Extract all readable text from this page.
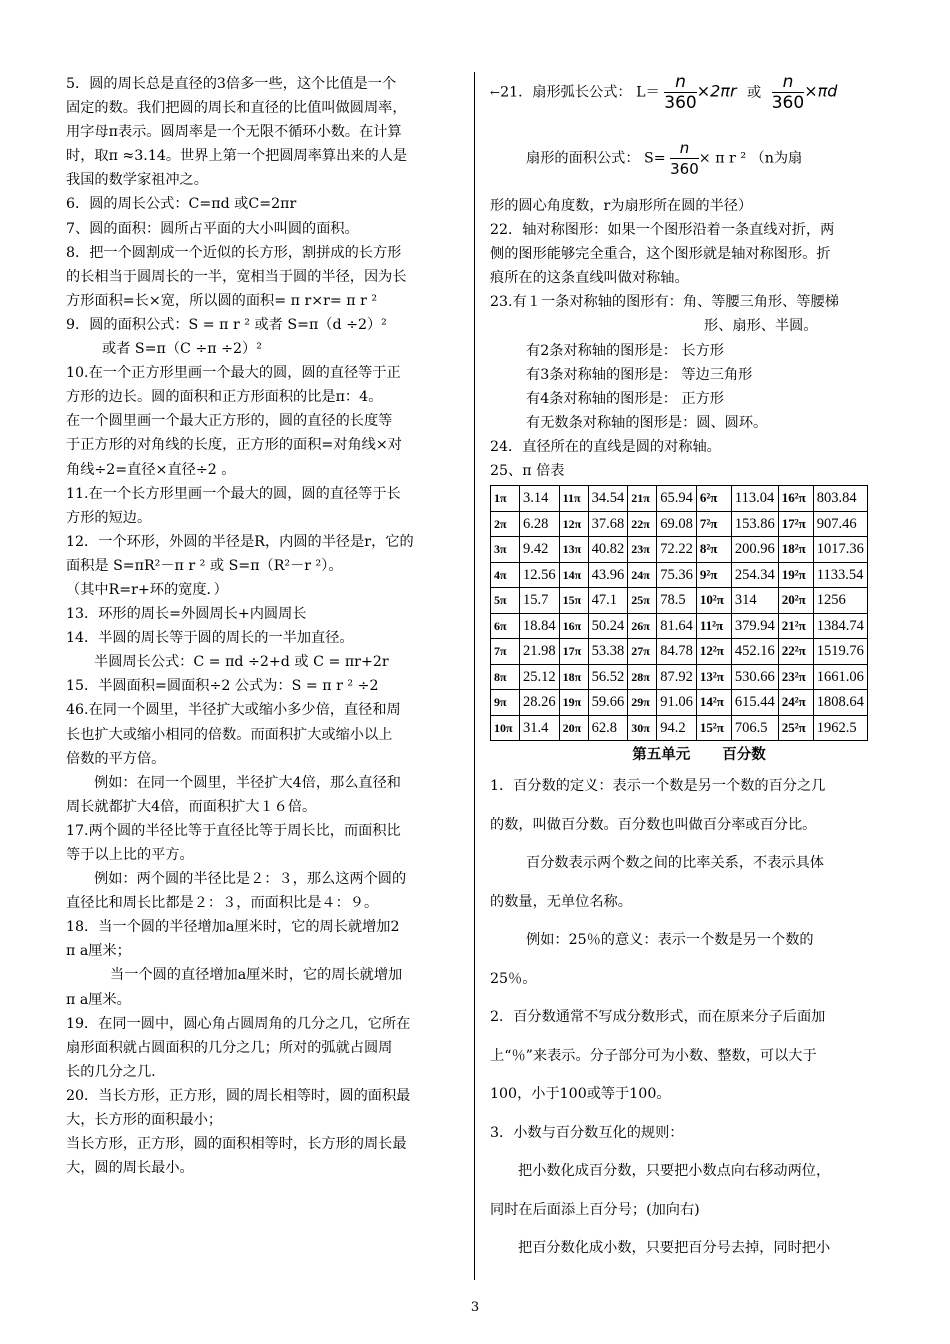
5．圆的周长总是直径的3倍多一些，这个比值是一个
固定的数。我们把圆的周长和直径的比值叫做圆周率，
用字母π表示。圆周率是一个无限不循环小数。在计算
时，取π ≈3.14。世界上第一个把圆周率算出来的人是
我国的数学家祖冲之。
6．圆的周长公式：C=πd 或C=2πr
7、圆的面积：圆所占平面的大小叫圆的面积。
8．把一个圆割成一个近似的长方形，割拼成的长方形
的长相当于圆周长的一半，宽相当于圆的半径，因为长
方形面积=长×宽，所以圆的面积= π r×r= π r ²
9．圆的面积公式：S = π r ² 或者 S=π（d ÷2）²
或者 S=π（C ÷π ÷2）²
10.在一个正方形里画一个最大的圆，圆的直径等于正
方形的边长。圆的面积和正方形面积的比是π：4。
在一个圆里画一个最大正方形的，圆的直径的长度等
于正方形的对角线的长度，正方形的面积=对角线×对
角线÷2=直径×直径÷2 。
11.在一个长方形里画一个最大的圆，圆的直径等于长
方形的短边。
12．一个环形，外圆的半径是R，内圆的半径是r，它的
面积是 S=πR²－π r ² 或 S=π（R²－r ²）。
（其中R=r+环的宽度．）
13．环形的周长=外圆周长+内圆周长
14．半圆的周长等于圆的周长的一半加直径。
半圆周长公式：C = πd ÷2+d 或 C = πr+2r
15．半圆面积=圆面积÷2 公式为：S = π r ² ÷2
46.在同一个圆里，半径扩大或缩小多少倍，直径和周
长也扩大或缩小相同的倍数。而面积扩大或缩小以上
倍数的平方倍。
例如：在同一个圆里，半径扩大4倍，那么直径和
周长就都扩大4倍，而面积扩大１６倍。
17.两个圆的半径比等于直径比等于周长比，而面积比
等于以上比的平方。
例如：两个圆的半径比是２：３，那么这两个圆的
直径比和周长比都是２：３，而面积比是４：９。
18．当一个圆的半径增加a厘米时，它的周长就增加2
π a厘米；
当一个圆的直径增加a厘米时，它的周长就增加
π a厘米。
19．在同一圆中，圆心角占圆周角的几分之几，它所在
扇形面积就占圆面积的几分之几；所对的弧就占圆周
长的几分之几.
20．当长方形，正方形，圆的周长相等时，圆的面积最
大，长方形的面积最小；
当长方形，正方形，圆的面积相等时，长方形的周长最
大，圆的周长最小。
←21．扇形弧长公式： $L= \frac{n}{360} \times 2\pi r$ 或 $\frac{n}{360} \times\pi d$
扇形的面积公式： $S= \frac{n}{360} \times \pi$ r ² （n为扇
形的圆心角度数，r为扇形所在圆的半径）
22．轴对称图形：如果一个图形沿着一条直线对折，两
侧的图形能够完全重合，这个图形就是轴对称图形。折
痕所在的这条直线叫做对称轴。
23.有１一条对称轴的图形有：角、等腰三角形、等腰梯
形、扇形、半圆。
有2条对称轴的图形是： 长方形
有3条对称轴的图形是： 等边三角形
有4条对称轴的图形是： 正方形
有无数条对称轴的图形是：圆、圆环。
24．直径所在的直线是圆的对称轴。
25、π 倍表
1π	3.14	11π	34.54	21π	65.94	6²π	113.04	16²π	803.84
2π	6.28	12π	37.68	22π	69.08	7²π	153.86	17²π	907.46
3π	9.42	13π	40.82	23π	72.22	8²π	200.96	18²π	1017.36
4π	12.56	14π	43.96	24π	75.36	9²π	254.34	19²π	1133.54
5π	15.7	15π	47.1	25π	78.5	10²π	314	20²π	1256
6π	18.84	16π	50.24	26π	81.64	11²π	379.94	21²π	1384.74
7π	21.98	17π	53.38	27π	84.78	12²π	452.16	22²π	1519.76
8π	25.12	18π	56.52	28π	87.92	13²π	530.66	23²π	1661.06
9π	28.26	19π	59.66	29π	91.06	14²π	615.44	24²π	1808.64
10π	31.4	20π	62.8	30π	94.2	15²π	706.5	25²π	1962.5
第五单元 百分数
1．百分数的定义：表示一个数是另一个数的百分之几
的数，叫做百分数。百分数也叫做百分率或百分比。
百分数表示两个数之间的比率关系，不表示具体
的数量，无单位名称。
例如：25％的意义：表示一个数是另一个数的
25％。
2．百分数通常不写成分数形式，而在原来分子后面加
上“％”来表示。分子部分可为小数、整数，可以大于
100，小于100或等于100。
3．小数与百分数互化的规则：
把小数化成百分数，只要把小数点向右移动两位，
同时在后面添上百分号；(加向右)
把百分数化成小数，只要把百分号去掉，同时把小
3
